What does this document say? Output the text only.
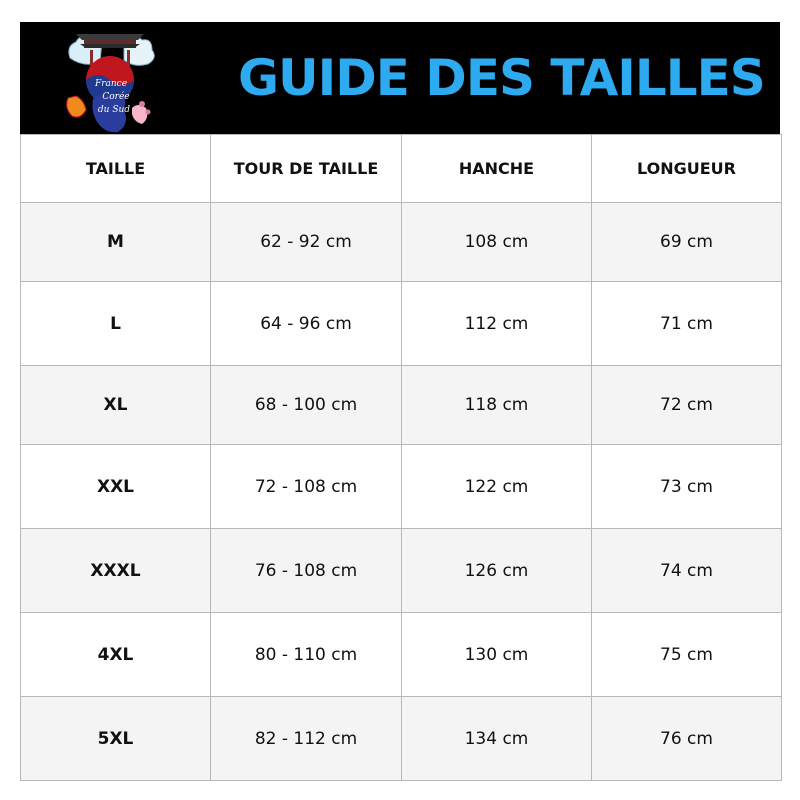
France
Corée
du Sud
GUIDE DES TAILLES
TAILLE	TOUR DE TAILLE	HANCHE	LONGUEUR
M	62 - 92 cm	108 cm	69 cm
L	64 - 96 cm	112 cm	71 cm
XL	68 - 100 cm	118 cm	72 cm
XXL	72 - 108 cm	122 cm	73 cm
XXXL	76 - 108 cm	126 cm	74 cm
4XL	80 - 110 cm	130 cm	75 cm
5XL	82 - 112 cm	134 cm	76 cm
